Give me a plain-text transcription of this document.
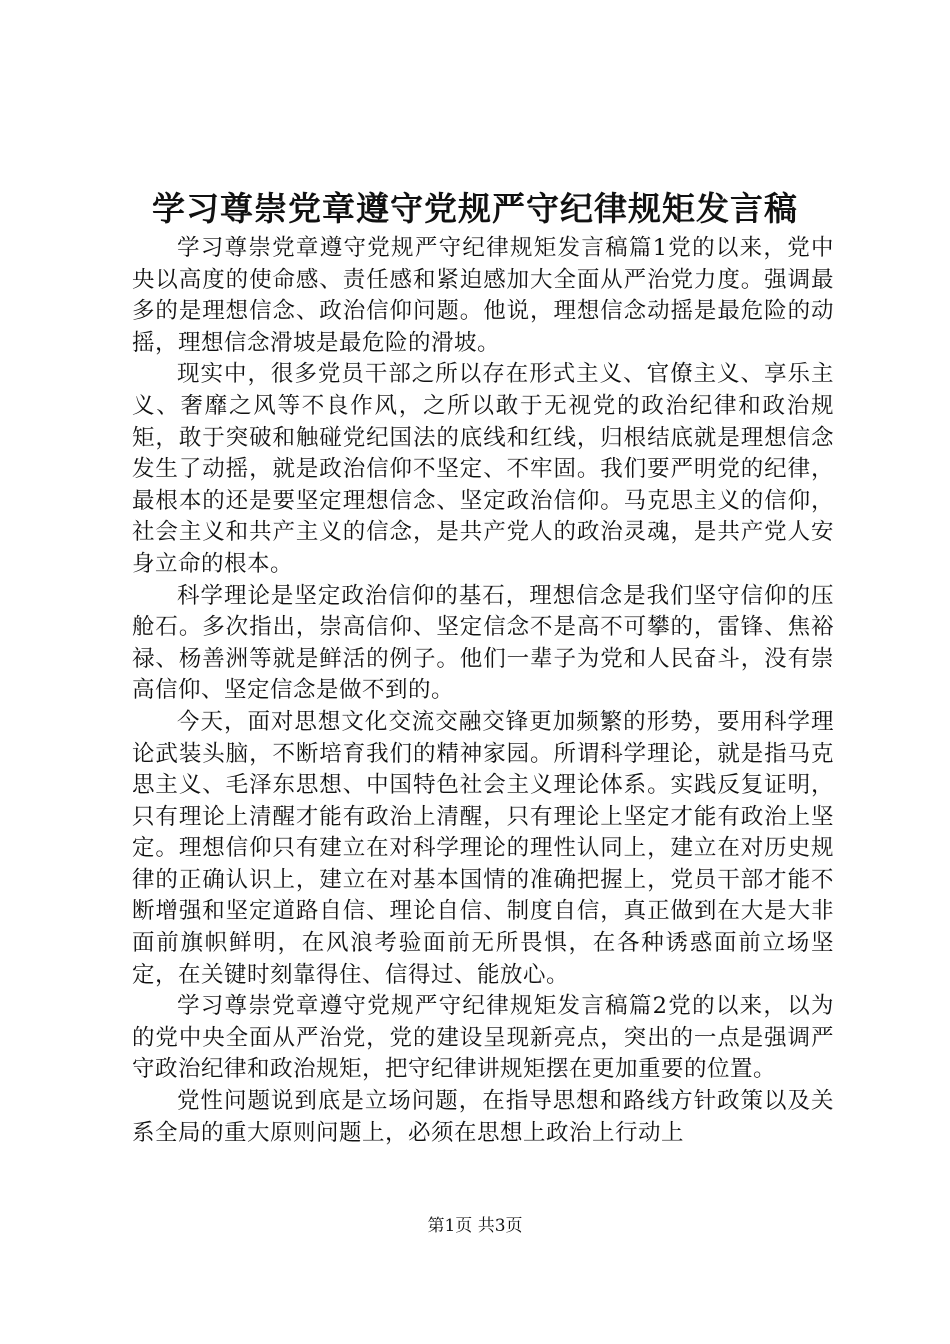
学习尊崇党章遵守党规严守纪律规矩发言稿

学习尊崇党章遵守党规严守纪律规矩发言稿篇1党的以来，党中央以高度的使命感、责任感和紧迫感加大全面从严治党力度。强调最多的是理想信念、政治信仰问题。他说，理想信念动摇是最危险的动摇，理想信念滑坡是最危险的滑坡。

现实中，很多党员干部之所以存在形式主义、官僚主义、享乐主义、奢靡之风等不良作风，之所以敢于无视党的政治纪律和政治规矩，敢于突破和触碰党纪国法的底线和红线，归根结底就是理想信念发生了动摇，就是政治信仰不坚定、不牢固。我们要严明党的纪律，最根本的还是要坚定理想信念、坚定政治信仰。马克思主义的信仰，社会主义和共产主义的信念，是共产党人的政治灵魂，是共产党人安身立命的根本。

科学理论是坚定政治信仰的基石，理想信念是我们坚守信仰的压舱石。多次指出，崇高信仰、坚定信念不是高不可攀的，雷锋、焦裕禄、杨善洲等就是鲜活的例子。他们一辈子为党和人民奋斗，没有崇高信仰、坚定信念是做不到的。

今天，面对思想文化交流交融交锋更加频繁的形势，要用科学理论武装头脑，不断培育我们的精神家园。所谓科学理论，就是指马克思主义、毛泽东思想、中国特色社会主义理论体系。实践反复证明，只有理论上清醒才能有政治上清醒，只有理论上坚定才能有政治上坚定。理想信仰只有建立在对科学理论的理性认同上，建立在对历史规律的正确认识上，建立在对基本国情的准确把握上，党员干部才能不断增强和坚定道路自信、理论自信、制度自信，真正做到在大是大非面前旗帜鲜明，在风浪考验面前无所畏惧，在各种诱惑面前立场坚定，在关键时刻靠得住、信得过、能放心。

学习尊崇党章遵守党规严守纪律规矩发言稿篇2党的以来，以为的党中央全面从严治党，党的建设呈现新亮点，突出的一点是强调严守政治纪律和政治规矩，把守纪律讲规矩摆在更加重要的位置。

党性问题说到底是立场问题，在指导思想和路线方针政策以及关系全局的重大原则问题上，必须在思想上政治上行动上

第1页 共3页
